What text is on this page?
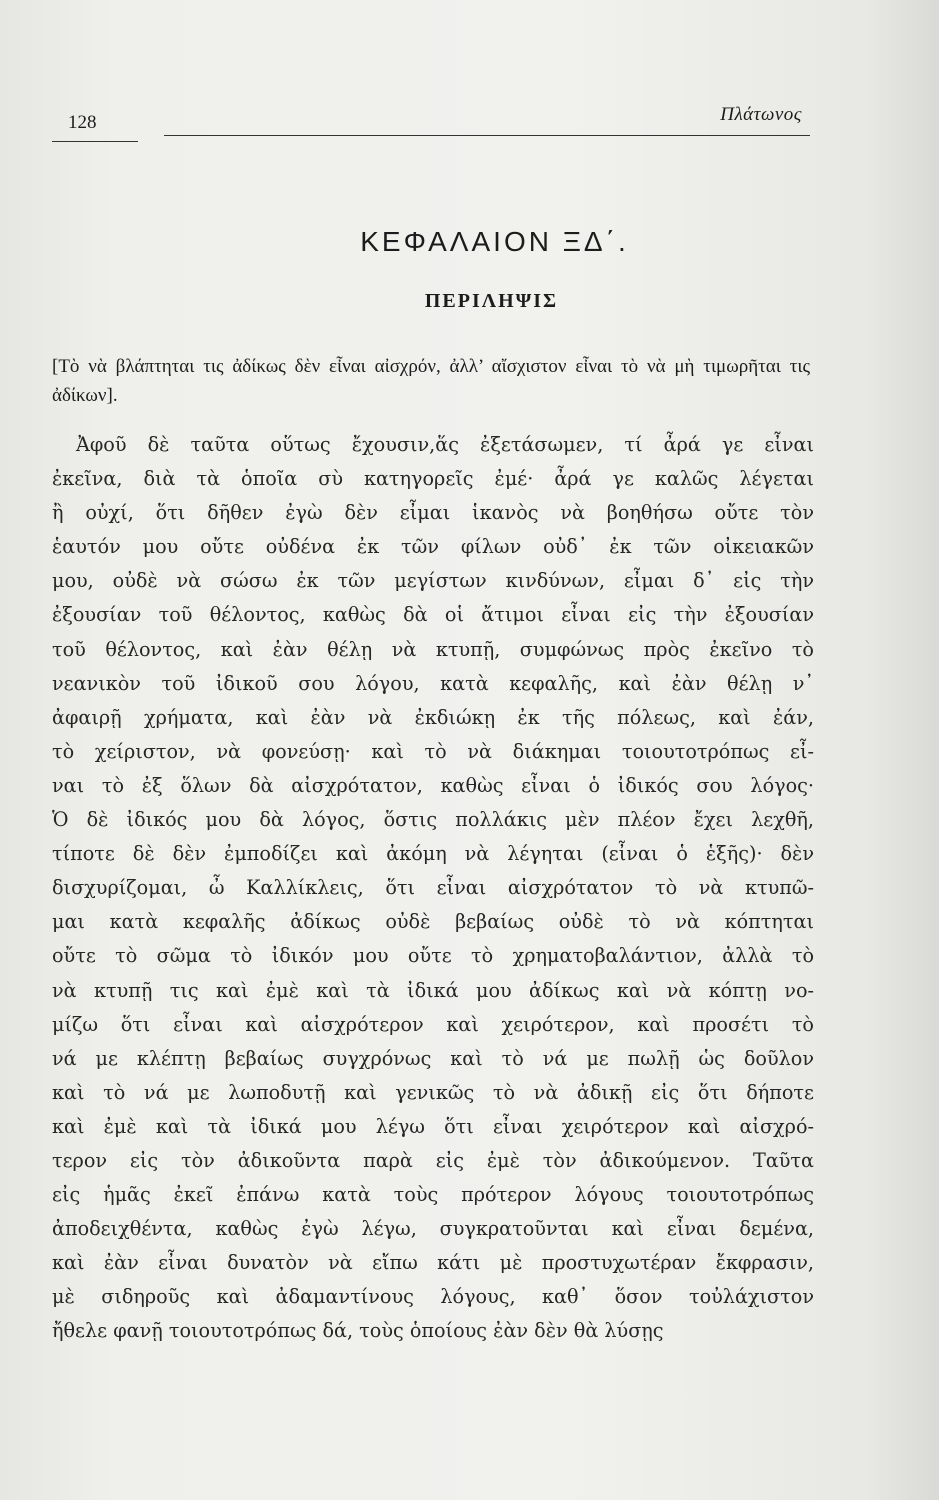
128	Πλάτωνος
ΚΕΦΑΛΑΙΟΝ ΞΔ΄.
ΠΕΡΙΛΗΨΙΣ

[Τὸ νὰ βλάπτηται τις ἀδίκως δὲν εἶναι αἰσχρόν, ἀλλ’ αἴσχιστον εἶναι τὸ νὰ μὴ τιμωρῆται τις ἀδίκων].

Ἀφοῦ δὲ ταῦτα οὕτως ἔχουσιν,ἅς ἐξετάσωμεν, τί ἆρά γε εἶναι
ἐκεῖνα, διὰ τὰ ὁποῖα σὺ κατηγορεῖς ἐμέ· ἆρά γε καλῶς λέγεται
ἢ οὐχί, ὅτι δῆθεν ἐγὼ δὲν εἶμαι ἱκανὸς νὰ βοηθήσω οὔτε τὸν
ἑαυτόν μου οὔτε οὐδένα ἐκ τῶν φίλων οὐδ᾿ ἐκ τῶν οἰκειακῶν
μου, οὐδὲ νὰ σώσω ἐκ τῶν μεγίστων κινδύνων, εἶμαι δ᾿ εἰς τὴν
ἐξουσίαν τοῦ θέλοντος, καθὼς δὰ οἱ ἄτιμοι εἶναι εἰς τὴν ἐξουσίαν
τοῦ θέλοντος, καὶ ἐὰν θέλῃ νὰ κτυπῇ, συμφώνως πρὸς ἐκεῖνο τὸ
νεανικὸν τοῦ ἰδικοῦ σου λόγου, κατὰ κεφαλῆς, καὶ ἐὰν θέλῃ ν᾿
ἀφαιρῇ χρήματα, καὶ ἐὰν νὰ ἐκδιώκῃ ἐκ τῆς πόλεως, καὶ ἐάν,
τὸ χείριστον, νὰ φονεύσῃ· καὶ τὸ νὰ διάκημαι τοιουτοτρόπως εἶ-
ναι τὸ ἐξ ὅλων δὰ αἰσχρότατον, καθὼς εἶναι ὁ ἰδικός σου λόγος·
Ὁ δὲ ἰδικός μου δὰ λόγος, ὅστις πολλάκις μὲν πλέον ἔχει λεχθῆ,
τίποτε δὲ δὲν ἐμποδίζει καὶ ἀκόμη νὰ λέγηται (εἶναι ὁ ἑξῆς)· δὲν
δισχυρίζομαι, ὦ Καλλίκλεις, ὅτι εἶναι αἰσχρότατον τὸ νὰ κτυπῶ-
μαι κατὰ κεφαλῆς ἀδίκως οὐδὲ βεβαίως οὐδὲ τὸ νὰ κόπτηται
οὔτε τὸ σῶμα τὸ ἰδικόν μου οὔτε τὸ χρηματοβαλάντιον, ἀλλὰ τὸ
νὰ κτυπῇ τις καὶ ἐμὲ καὶ τὰ ἰδικά μου ἀδίκως καὶ νὰ κόπτῃ νο-
μίζω ὅτι εἶναι καὶ αἰσχρότερον καὶ χειρότερον, καὶ προσέτι τὸ
νά με κλέπτῃ βεβαίως συγχρόνως καὶ τὸ νά με πωλῇ ὡς δοῦλον
καὶ τὸ νά με λωποδυτῇ καὶ γενικῶς τὸ νὰ ἀδικῇ εἰς ὅτι δήποτε
καὶ ἐμὲ καὶ τὰ ἰδικά μου λέγω ὅτι εἶναι χειρότερον καὶ αἰσχρό-
τερον εἰς τὸν ἀδικοῦντα παρὰ εἰς ἐμὲ τὸν ἀδικούμενον. Ταῦτα
εἰς ἡμᾶς ἐκεῖ ἐπάνω κατὰ τοὺς πρότερον λόγους τοιουτοτρόπως
ἀποδειχθέντα, καθὼς ἐγὼ λέγω, συγκρατοῦνται καὶ εἶναι δεμένα,
καὶ ἐὰν εἶναι δυνατὸν νὰ εἴπω κάτι μὲ προστυχωτέραν ἔκφρασιν,
μὲ σιδηροῦς καὶ ἀδαμαντίνους λόγους, καθ᾿ ὅσον τοὐλάχιστον
ἤθελε φανῇ τοιουτοτρόπως δά, τοὺς ὁποίους ἐὰν δὲν θὰ λύσῃς
